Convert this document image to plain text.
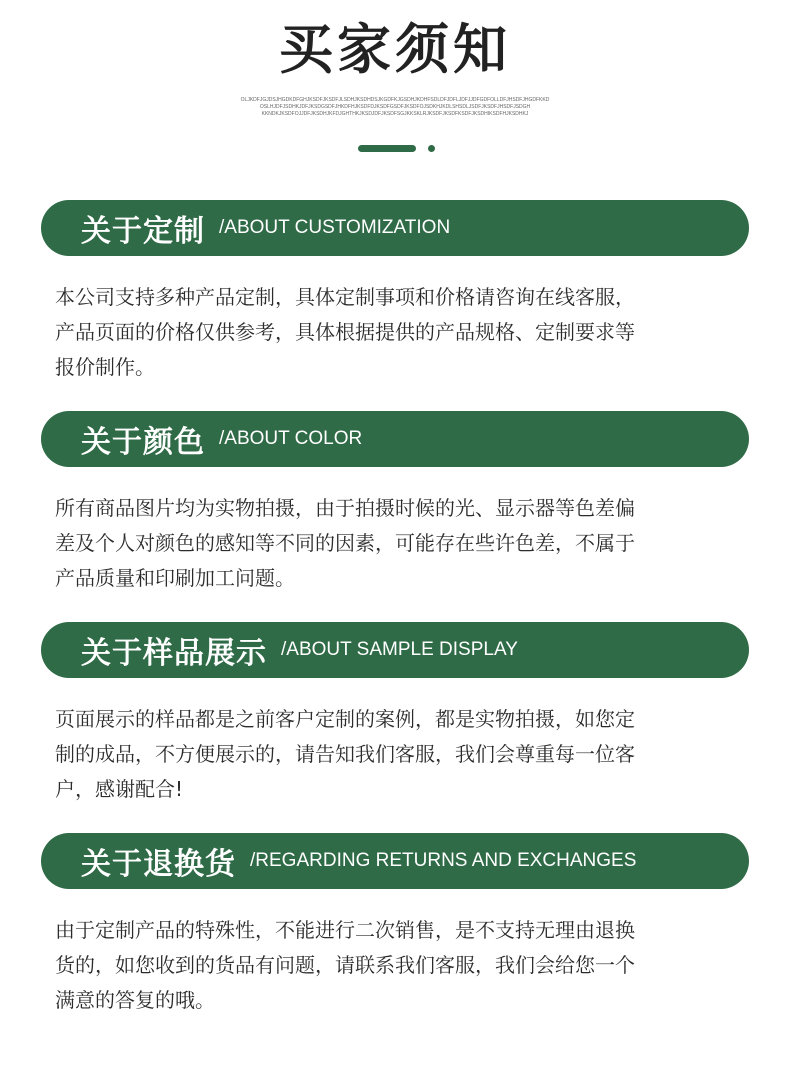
买家须知
OLJKDFJGJDSJHGDKDFGHJKSDFJKSDFJLSDHJKSDHDSJKGDFKJGSDHJKDHFSDLDFJDFLJDFJJDFGDFOLLDFJHSDFJHGDFKKD
OSLHJDFJSDHKJDFJKSDGSDFJHKDFHJKSDFDJKSDFGSDFJKSDFOJSDKHJKDLSHSDLJSDFJKSDFJHSDFJSDGH
KKNDKJKSDFOJJDFJKSDHJKFDJGHTHKJKSDJDFJKSDFSGJKKSKLRJKSDFJKSDFKSDFJKSDHIKSDFHJKSDHKJ
关于定制 /ABOUT CUSTOMIZATION
本公司支持多种产品定制，具体定制事项和价格请咨询在线客服，
产品页面的价格仅供参考，具体根据提供的产品规格、定制要求等
报价制作。
关于颜色 /ABOUT COLOR
所有商品图片均为实物拍摄，由于拍摄时候的光、显示器等色差偏
差及个人对颜色的感知等不同的因素，可能存在些许色差，不属于
产品质量和印刷加工问题。
关于样品展示 /ABOUT SAMPLE DISPLAY
页面展示的样品都是之前客户定制的案例，都是实物拍摄，如您定
制的成品，不方便展示的，请告知我们客服，我们会尊重每一位客
户，感谢配合!
关于退换货 /REGARDING RETURNS AND EXCHANGES
由于定制产品的特殊性，不能进行二次销售，是不支持无理由退换
货的，如您收到的货品有问题，请联系我们客服，我们会给您一个
满意的答复的哦。
